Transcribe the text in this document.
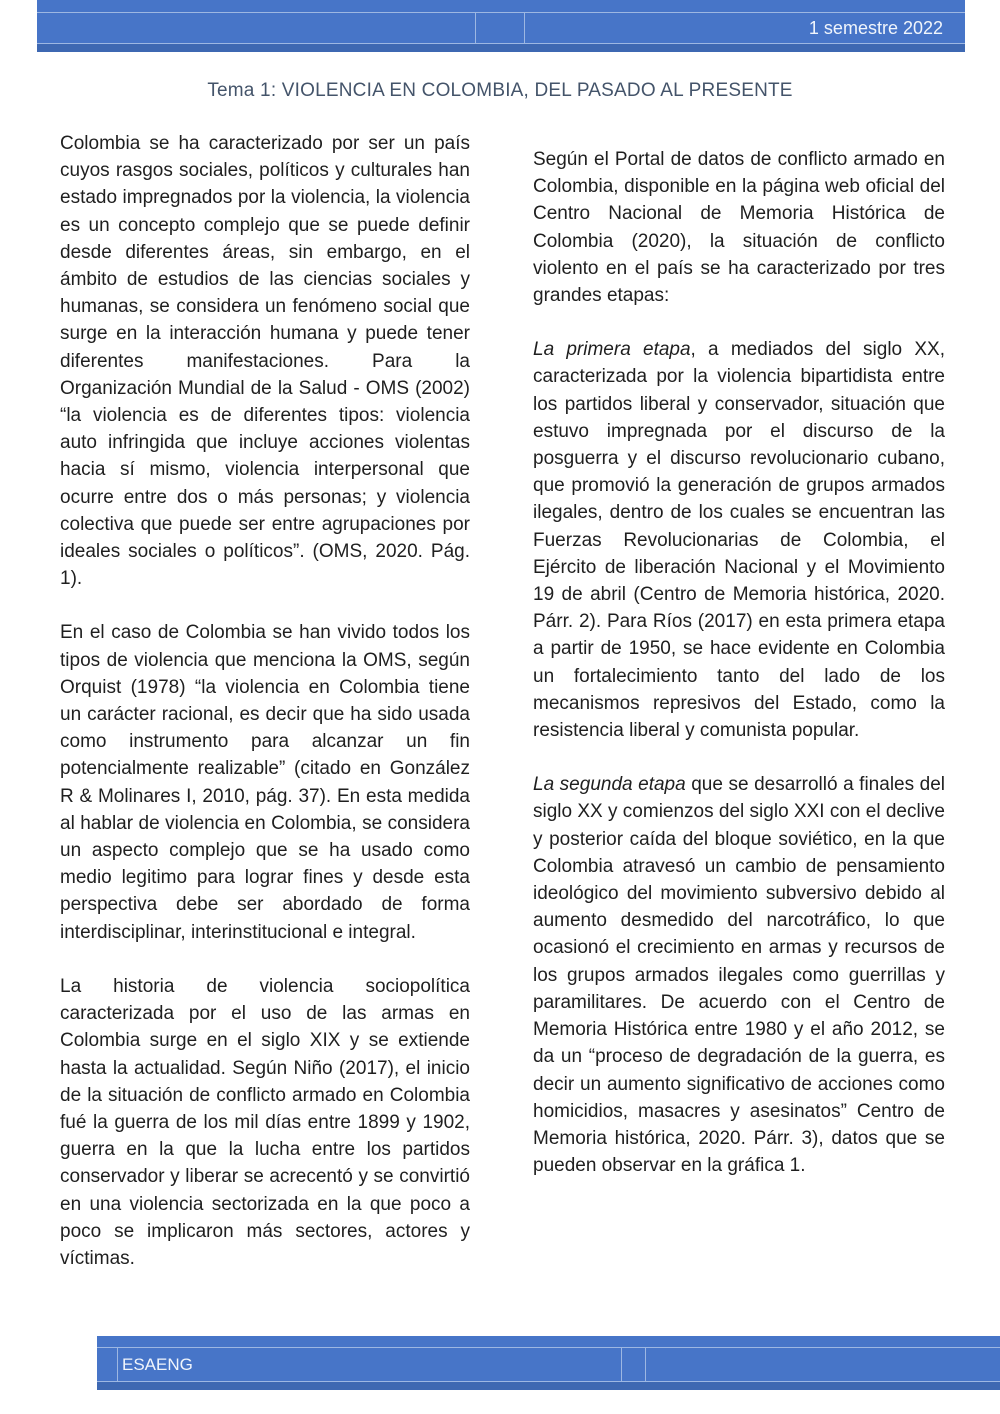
1 semestre 2022
Tema 1: VIOLENCIA EN COLOMBIA, DEL PASADO AL PRESENTE

Colombia se ha caracterizado por ser un país cuyos rasgos sociales, políticos y culturales han estado impregnados por la violencia, la violencia es un concepto complejo que se puede definir desde diferentes áreas, sin embargo, en el ámbito de estudios de las ciencias sociales y humanas, se considera un fenómeno social que surge en la interacción humana y puede tener diferentes manifestaciones. Para la Organización Mundial de la Salud - OMS (2002) “la violencia es de diferentes tipos: violencia auto infringida que incluye acciones violentas hacia sí mismo, violencia interpersonal que ocurre entre dos o más personas; y violencia colectiva que puede ser entre agrupaciones por ideales sociales o políticos”. (OMS, 2020. Pág. 1).

En el caso de Colombia se han vivido todos los tipos de violencia que menciona la OMS, según Orquist (1978) “la violencia en Colombia tiene un carácter racional, es decir que ha sido usada como instrumento para alcanzar un fin potencialmente realizable” (citado en González R & Molinares I, 2010, pág. 37). En esta medida al hablar de violencia en Colombia, se considera un aspecto complejo que se ha usado como medio legitimo para lograr fines y desde esta perspectiva debe ser abordado de forma interdisciplinar, interinstitucional e integral.

La historia de violencia sociopolítica caracterizada por el uso de las armas en Colombia surge en el siglo XIX y se extiende hasta la actualidad. Según Niño (2017), el inicio de la situación de conflicto armado en Colombia fué la guerra de los mil días entre 1899 y 1902, guerra en la que la lucha entre los partidos conservador y liberar se acrecentó y se convirtió en una violencia sectorizada en la que poco a poco se implicaron más sectores, actores y víctimas.

Según el Portal de datos de conflicto armado en Colombia, disponible en la página web oficial del Centro Nacional de Memoria Histórica de Colombia (2020), la situación de conflicto violento en el país se ha caracterizado por tres grandes etapas:

La primera etapa, a mediados del siglo XX, caracterizada por la violencia bipartidista entre los partidos liberal y conservador, situación que estuvo impregnada por el discurso de la posguerra y el discurso revolucionario cubano, que promovió la generación de grupos armados ilegales, dentro de los cuales se encuentran las Fuerzas Revolucionarias de Colombia, el Ejército de liberación Nacional y el Movimiento 19 de abril (Centro de Memoria histórica, 2020. Párr. 2). Para Ríos (2017) en esta primera etapa a partir de 1950, se hace evidente en Colombia un fortalecimiento tanto del lado de los mecanismos represivos del Estado, como la resistencia liberal y comunista popular.

La segunda etapa que se desarrolló a finales del siglo XX y comienzos del siglo XXI con el declive y posterior caída del bloque soviético, en la que Colombia atravesó un cambio de pensamiento ideológico del movimiento subversivo debido al aumento desmedido del narcotráfico, lo que ocasionó el crecimiento en armas y recursos de los grupos armados ilegales como guerrillas y paramilitares. De acuerdo con el Centro de Memoria Histórica entre 1980 y el año 2012, se da un “proceso de degradación de la guerra, es decir un aumento significativo de acciones como homicidios, masacres y asesinatos” Centro de Memoria histórica, 2020. Párr. 3), datos que se pueden observar en la gráfica 1.

ESAENG
